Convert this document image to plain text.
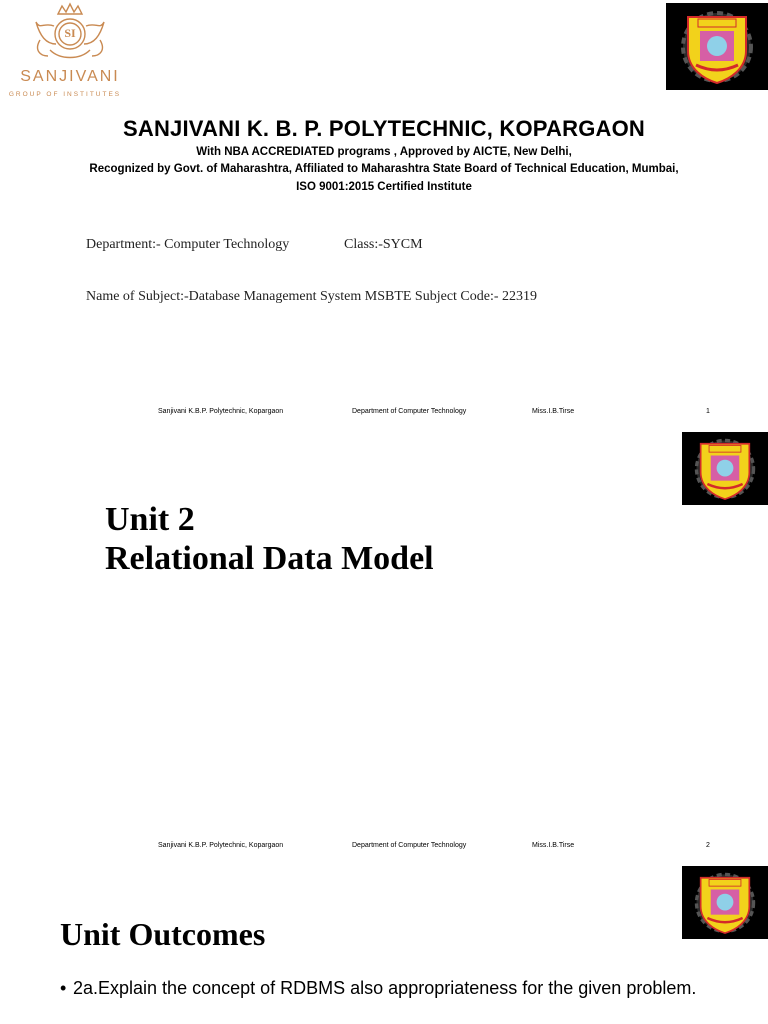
SI
SANJIVANI
GROUP OF INSTITUTES
SANJIVANI K. B. P. POLYTECHNIC, KOPARGAON
With NBA ACCREDIATED programs , Approved by AICTE, New Delhi,
Recognized by Govt. of Maharashtra, Affiliated to Maharashtra State Board of Technical Education, Mumbai,
ISO 9001:2015 Certified Institute
Department:- Computer Technology	Class:-SYCM
Name of Subject:-Database Management System MSBTE Subject Code:- 22319
Sanjivani K.B.P. Polytechnic, Kopargaon	Department of Computer Technology	Miss.I.B.Tirse	1
Unit 2
Relational Data Model
Sanjivani K.B.P. Polytechnic, Kopargaon	Department of Computer Technology	Miss.I.B.Tirse	2
Unit Outcomes
• 2a.Explain the concept of RDBMS also appropriateness for the given problem.
